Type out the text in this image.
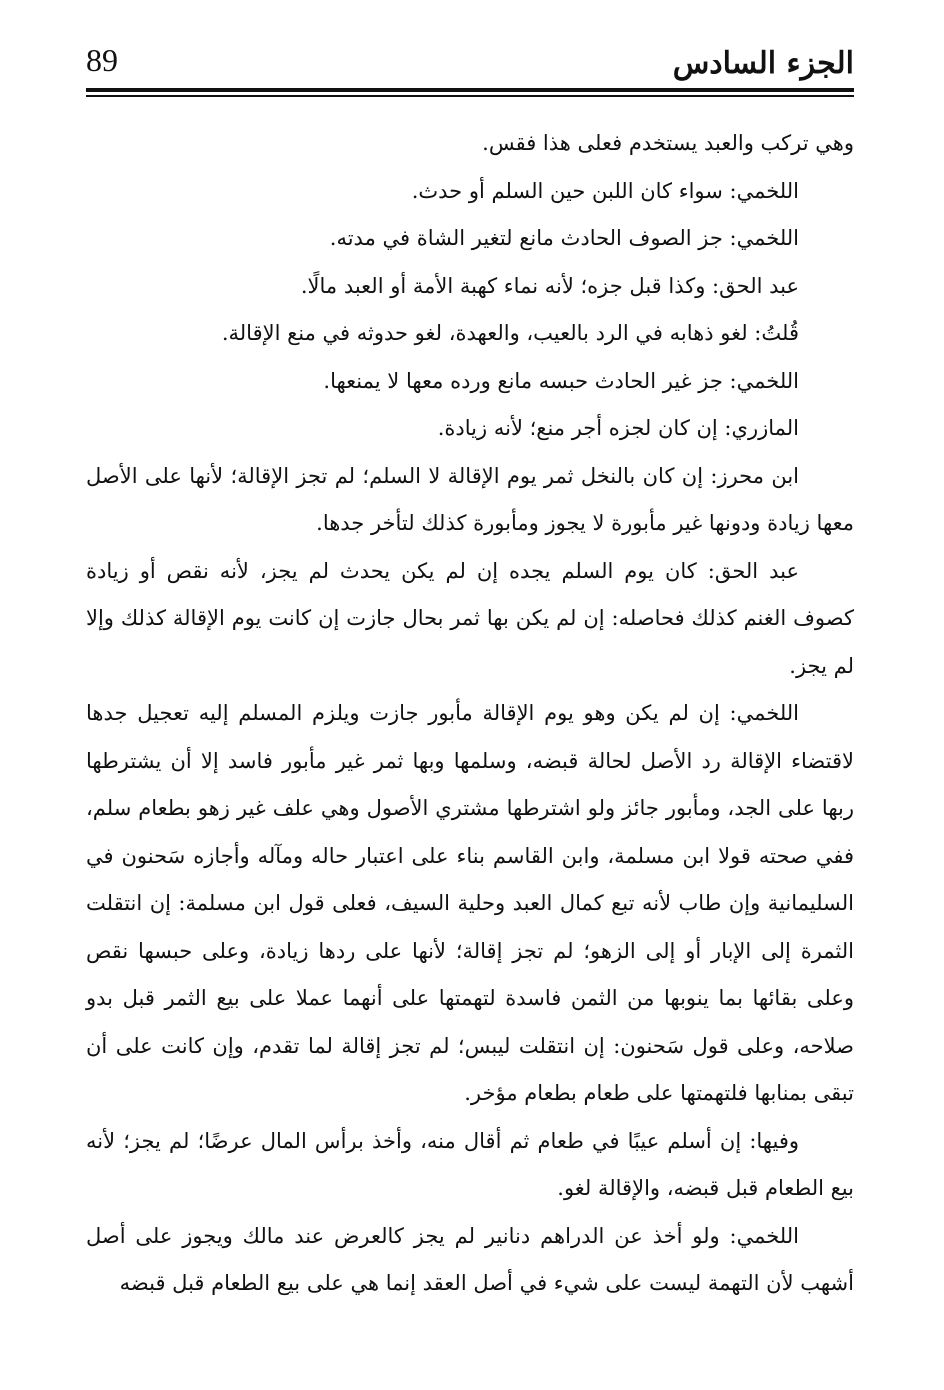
الجزء السادس
89

وهي تركب والعبد يستخدم فعلى هذا فقس.

اللخمي: سواء كان اللبن حين السلم أو حدث.

اللخمي: جز الصوف الحادث مانع لتغير الشاة في مدته.

عبد الحق: وكذا قبل جزه؛ لأنه نماء كهبة الأمة أو العبد مالًا.

قُلتُ: لغو ذهابه في الرد بالعيب، والعهدة، لغو حدوثه في منع الإقالة.

اللخمي: جز غير الحادث حبسه مانع ورده معها لا يمنعها.

المازري: إن كان لجزه أجر منع؛ لأنه زيادة.

ابن محرز: إن كان بالنخل ثمر يوم الإقالة لا السلم؛ لم تجز الإقالة؛ لأنها على الأصل معها زيادة ودونها غير مأبورة لا يجوز ومأبورة كذلك لتأخر جدها.

عبد الحق: كان يوم السلم يجده إن لم يكن يحدث لم يجز، لأنه نقص أو زيادة كصوف الغنم كذلك فحاصله: إن لم يكن بها ثمر بحال جازت إن كانت يوم الإقالة كذلك وإلا لم يجز.

اللخمي: إن لم يكن وهو يوم الإقالة مأبور جازت ويلزم المسلم إليه تعجيل جدها لاقتضاء الإقالة رد الأصل لحالة قبضه، وسلمها وبها ثمر غير مأبور فاسد إلا أن يشترطها ربها على الجد، ومأبور جائز ولو اشترطها مشتري الأصول وهي علف غير زهو بطعام سلم، ففي صحته قولا ابن مسلمة، وابن القاسم بناء على اعتبار حاله ومآله وأجازه سَحنون في السليمانية وإن طاب لأنه تبع كمال العبد وحلية السيف، فعلى قول ابن مسلمة: إن انتقلت الثمرة إلى الإبار أو إلى الزهو؛ لم تجز إقالة؛ لأنها على ردها زيادة، وعلى حبسها نقص وعلى بقائها بما ينوبها من الثمن فاسدة لتهمتها على أنهما عملا على بيع الثمر قبل بدو صلاحه، وعلى قول سَحنون: إن انتقلت ليبس؛ لم تجز إقالة لما تقدم، وإن كانت على أن تبقى بمنابها فلتهمتها على طعام بطعام مؤخر.

وفيها: إن أسلم عيبًا في طعام ثم أقال منه، وأخذ برأس المال عرضًا؛ لم يجز؛ لأنه بيع الطعام قبل قبضه، والإقالة لغو.

اللخمي: ولو أخذ عن الدراهم دنانير لم يجز كالعرض عند مالك ويجوز على أصل أشهب لأن التهمة ليست على شيء في أصل العقد إنما هي على بيع الطعام قبل قبضه
